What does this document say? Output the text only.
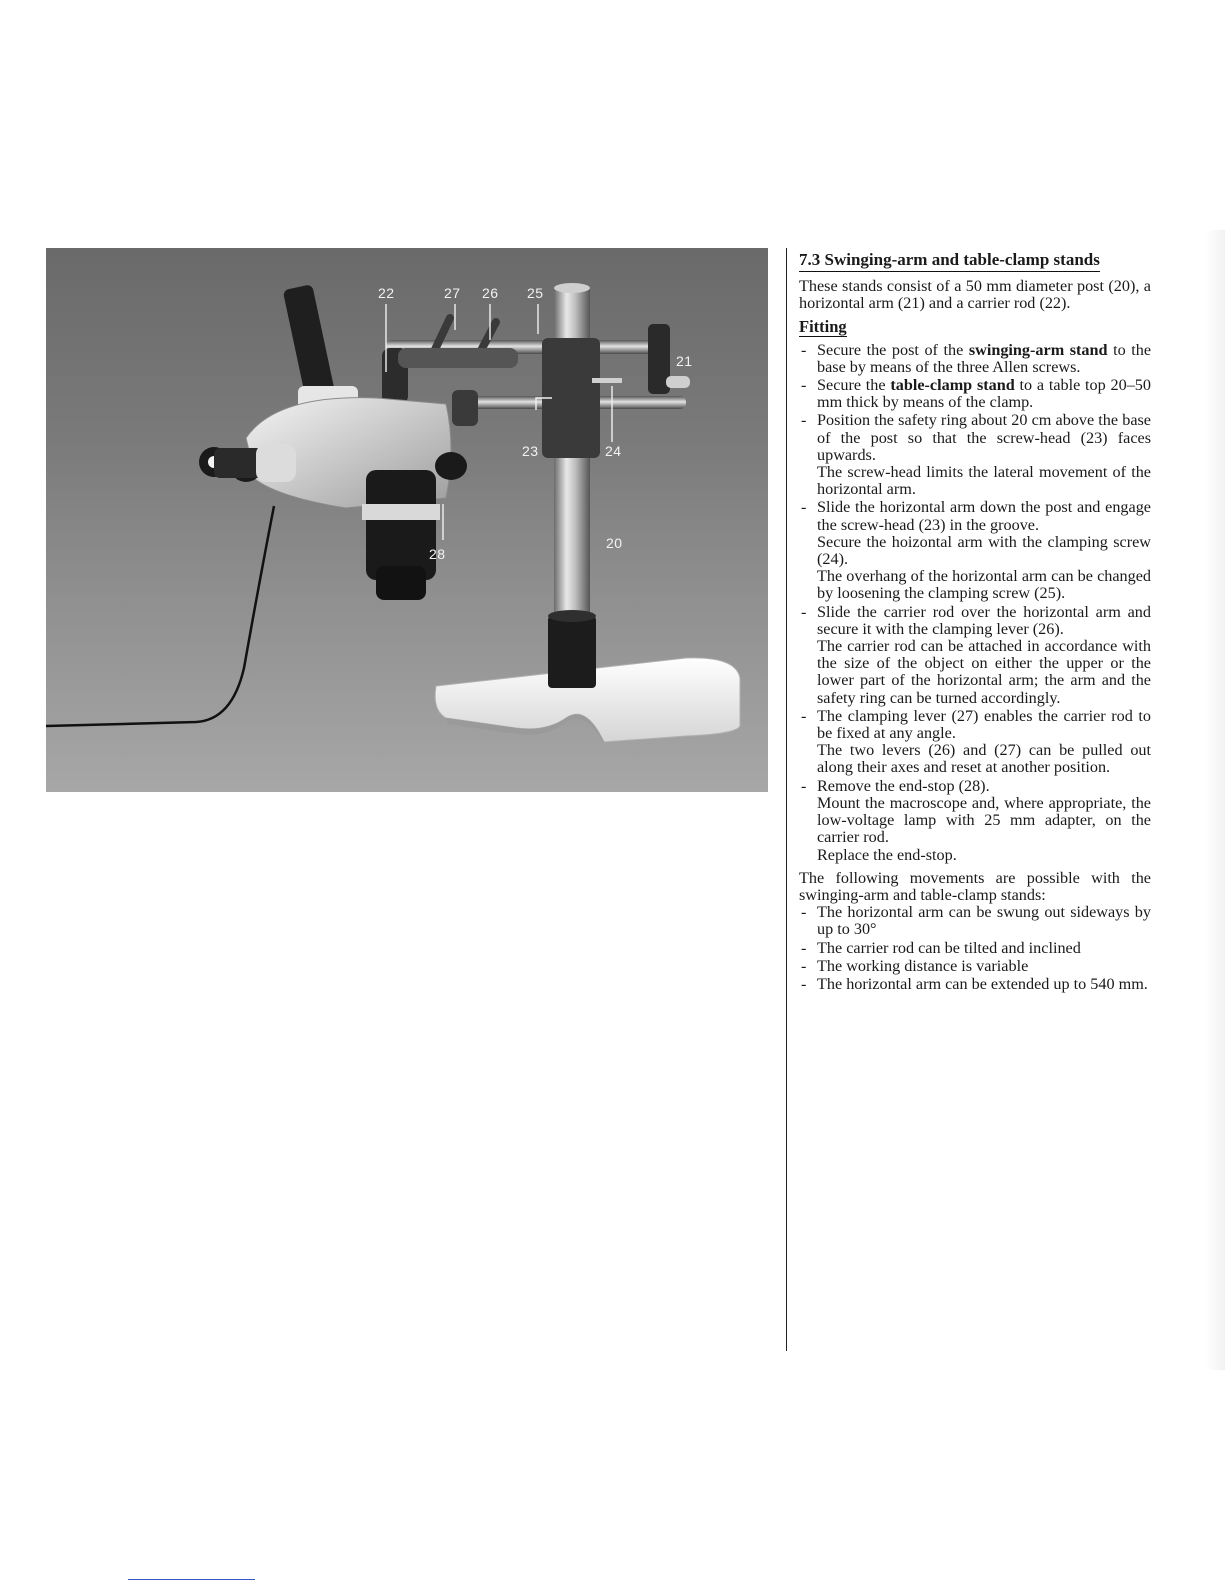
22	27 26 25
21
23	24
20
28
7.3 Swinging-arm and table-clamp stands
These stands consist of a 50 mm diameter post (20), a horizontal arm (21) and a carrier rod (22).
Fitting
- Secure the post of the swinging-arm stand to the base by means of the three Allen screws.
- Secure the table-clamp stand to a table top 20–50 mm thick by means of the clamp.
- Position the safety ring about 20 cm above the base of the post so that the screw-head (23) faces upwards.
The screw-head limits the lateral movement of the horizontal arm.
- Slide the horizontal arm down the post and engage the screw-head (23) in the groove.
Secure the hoizontal arm with the clamping screw (24).
The overhang of the horizontal arm can be changed by loosening the clamping screw (25).
- Slide the carrier rod over the horizontal arm and secure it with the clamping lever (26).
The carrier rod can be attached in accordance with the size of the object on either the upper or the lower part of the horizontal arm; the arm and the safety ring can be turned accordingly.
- The clamping lever (27) enables the carrier rod to be fixed at any angle.
The two levers (26) and (27) can be pulled out along their axes and reset at another position.
- Remove the end-stop (28).
Mount the macroscope and, where appropriate, the low-voltage lamp with 25 mm adapter, on the carrier rod.
Replace the end-stop.
The following movements are possible with the swinging-arm and table-clamp stands:
- The horizontal arm can be swung out sideways by up to 30°
- The carrier rod can be tilted and inclined
- The working distance is variable
- The horizontal arm can be extended up to 540 mm.
